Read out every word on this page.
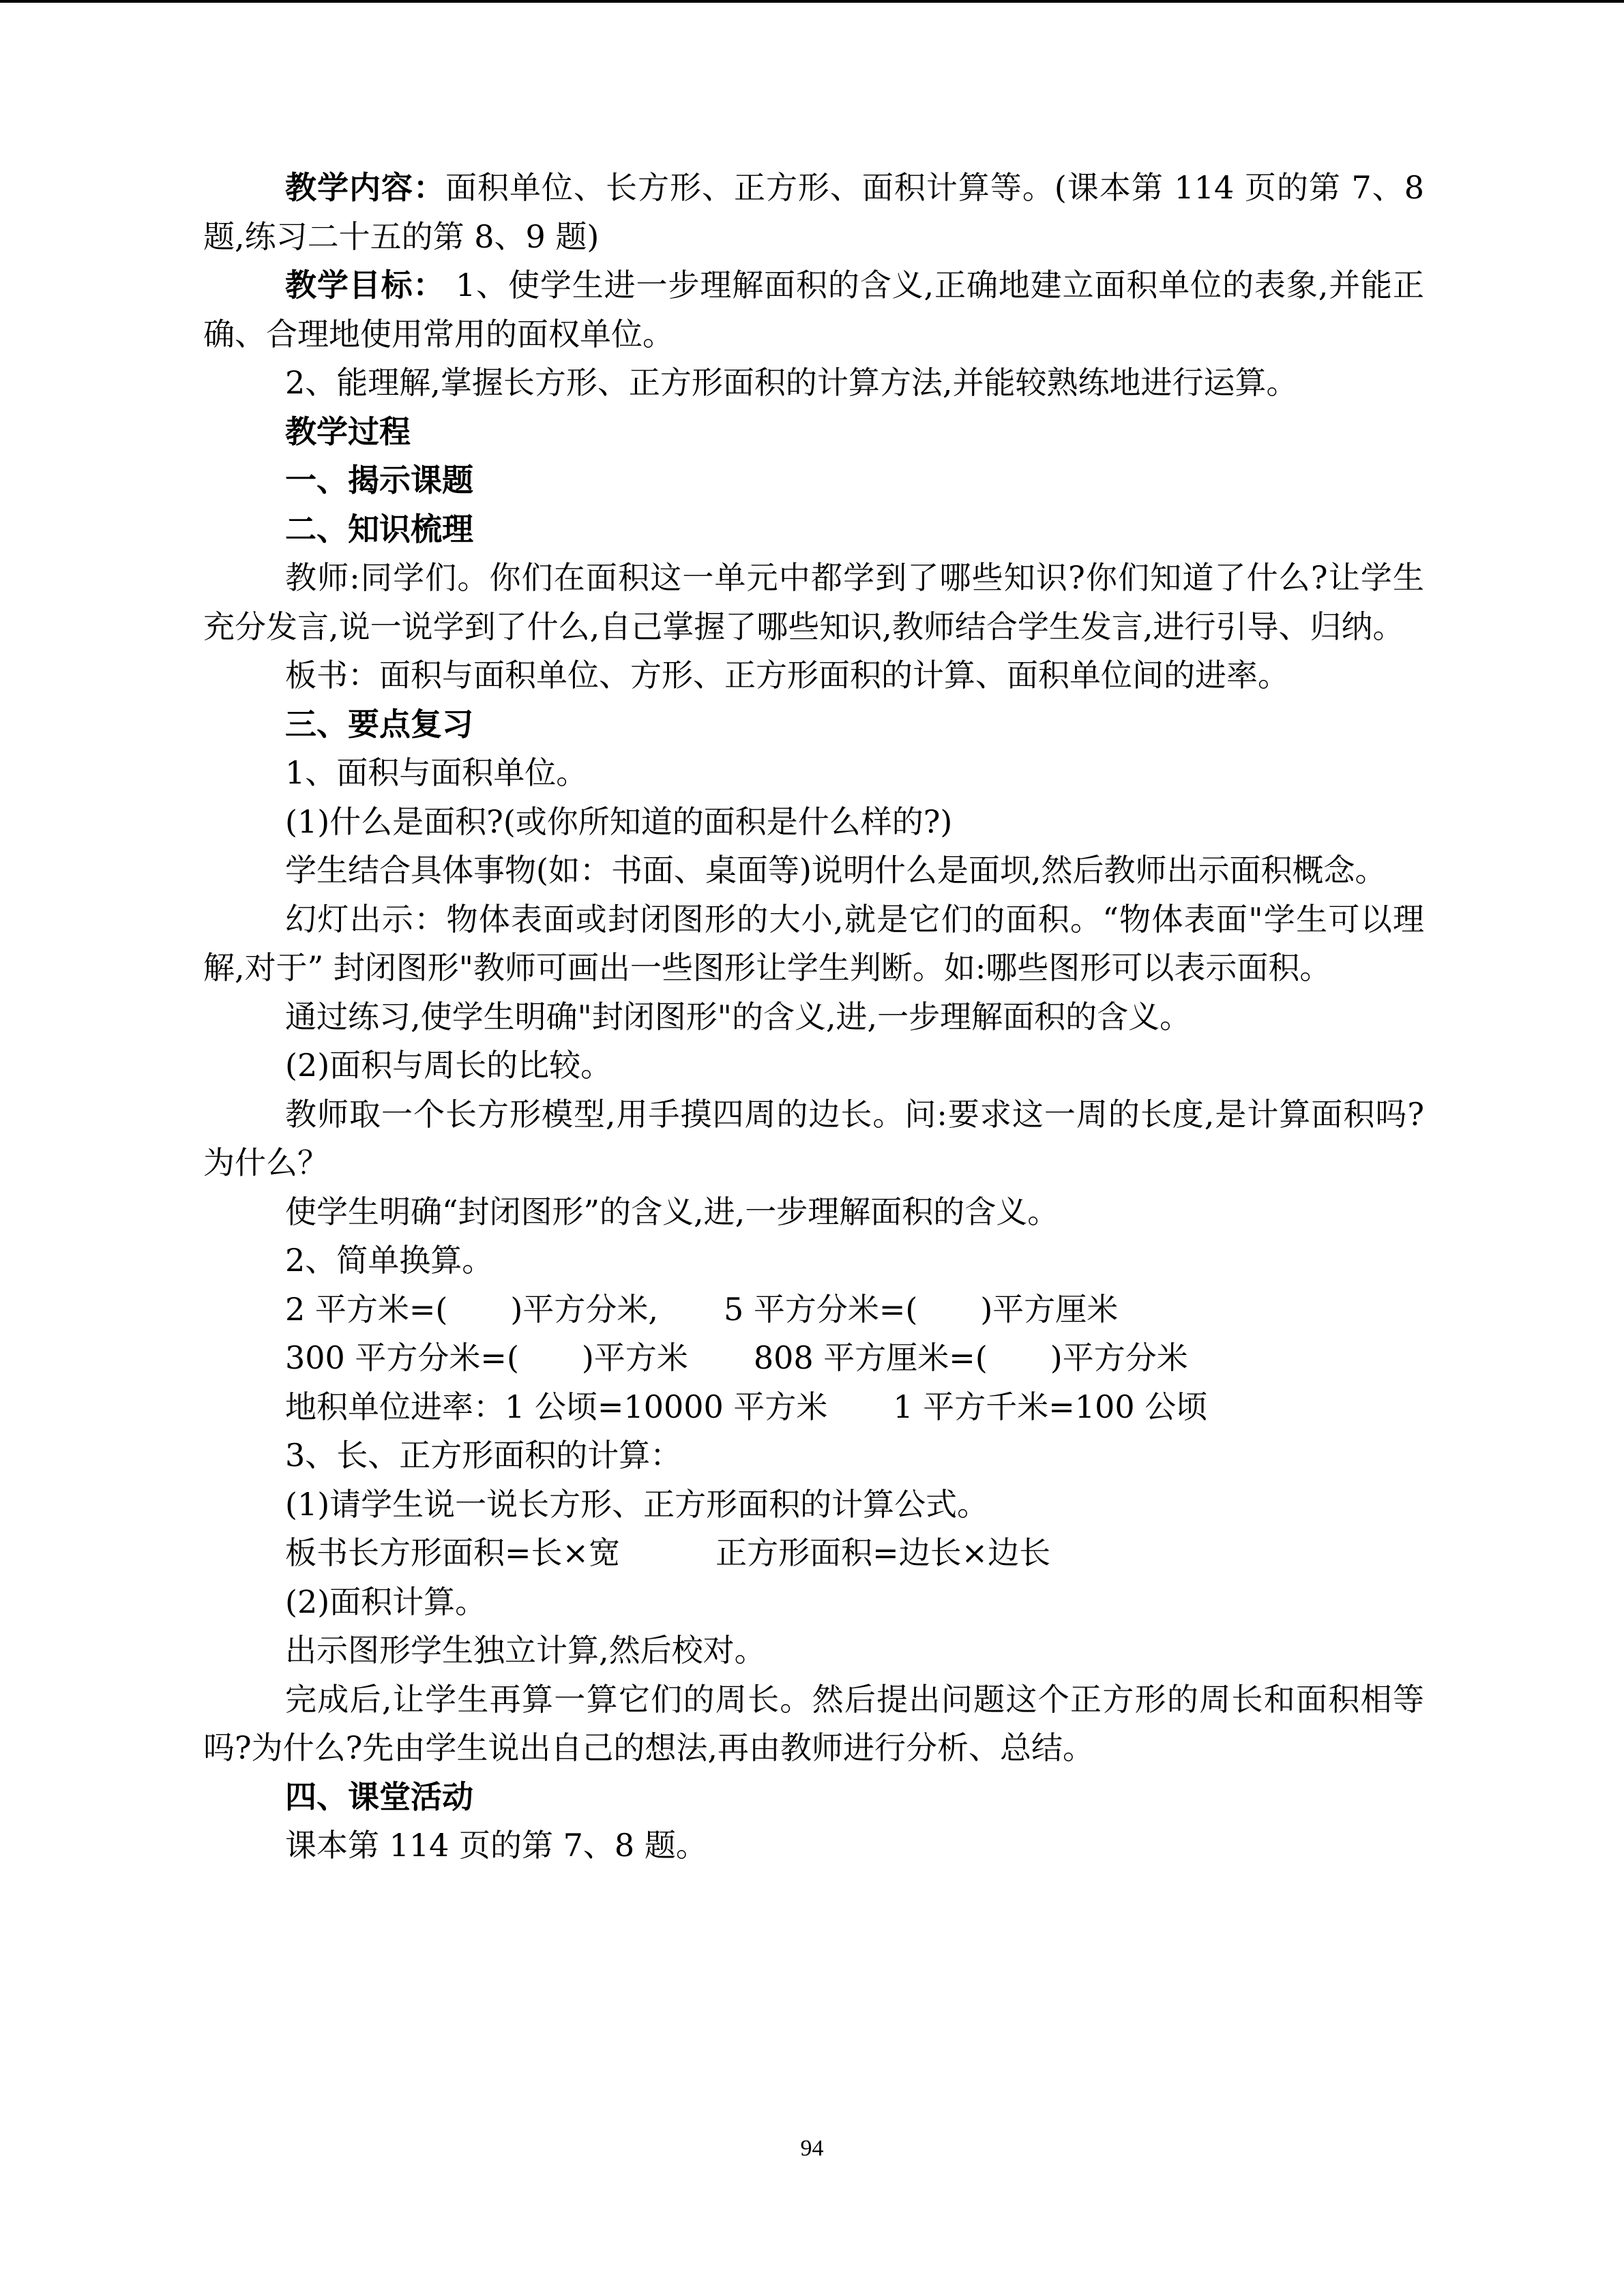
教学内容：面积单位、长方形、正方形、面积计算等。(课本第 114 页的第 7、8 题,练习二十五的第 8、9 题)

教学目标： 1、使学生进一步理解面积的含义,正确地建立面积单位的表象,并能正确、合理地使用常用的面权单位。

2、能理解,掌握长方形、正方形面积的计算方法,并能较熟练地进行运算。

教学过程

一、揭示课题

二、知识梳理

教师:同学们。你们在面积这一单元中都学到了哪些知识?你们知道了什么?让学生充分发言,说一说学到了什么,自己掌握了哪些知识,教师结合学生发言,进行引导、归纳。

板书：面积与面积单位、方形、正方形面积的计算、面积单位间的进率。

三、要点复习

1、面积与面积单位。

(1)什么是面积?(或你所知道的面积是什么样的?)

学生结合具体事物(如：书面、桌面等)说明什么是面坝,然后教师出示面积概念。

幻灯出示：物体表面或封闭图形的大小,就是它们的面积。“物体表面"学生可以理解,对于” 封闭图形"教师可画出一些图形让学生判断。如:哪些图形可以表示面积。

通过练习,使学生明确"封闭图形"的含义,进,一步理解面积的含义。

(2)面积与周长的比较。

教师取一个长方形模型,用手摸四周的边长。问:要求这一周的长度,是计算面积吗?为什么？

使学生明确“封闭图形”的含义,进,一步理解面积的含义。

2、简单换算。

2 平方米=(　　)平方分米, 5 平方分米=(　　)平方厘米

300 平方分米=(　　)平方米 808 平方厘米=(　　)平方分米

地积单位进率：1 公顷=10000 平方米 1 平方千米=100 公顷

3、长、正方形面积的计算：

(1)请学生说一说长方形、正方形面积的计算公式。

板书长方形面积=长×宽	正方形面积=边长×边长

(2)面积计算。

出示图形学生独立计算,然后校对。

完成后,让学生再算一算它们的周长。然后提出问题这个正方形的周长和面积相等吗?为什么?先由学生说出自己的想法,再由教师进行分析、总结。

四、课堂活动

课本第 114 页的第 7、8 题。

94
